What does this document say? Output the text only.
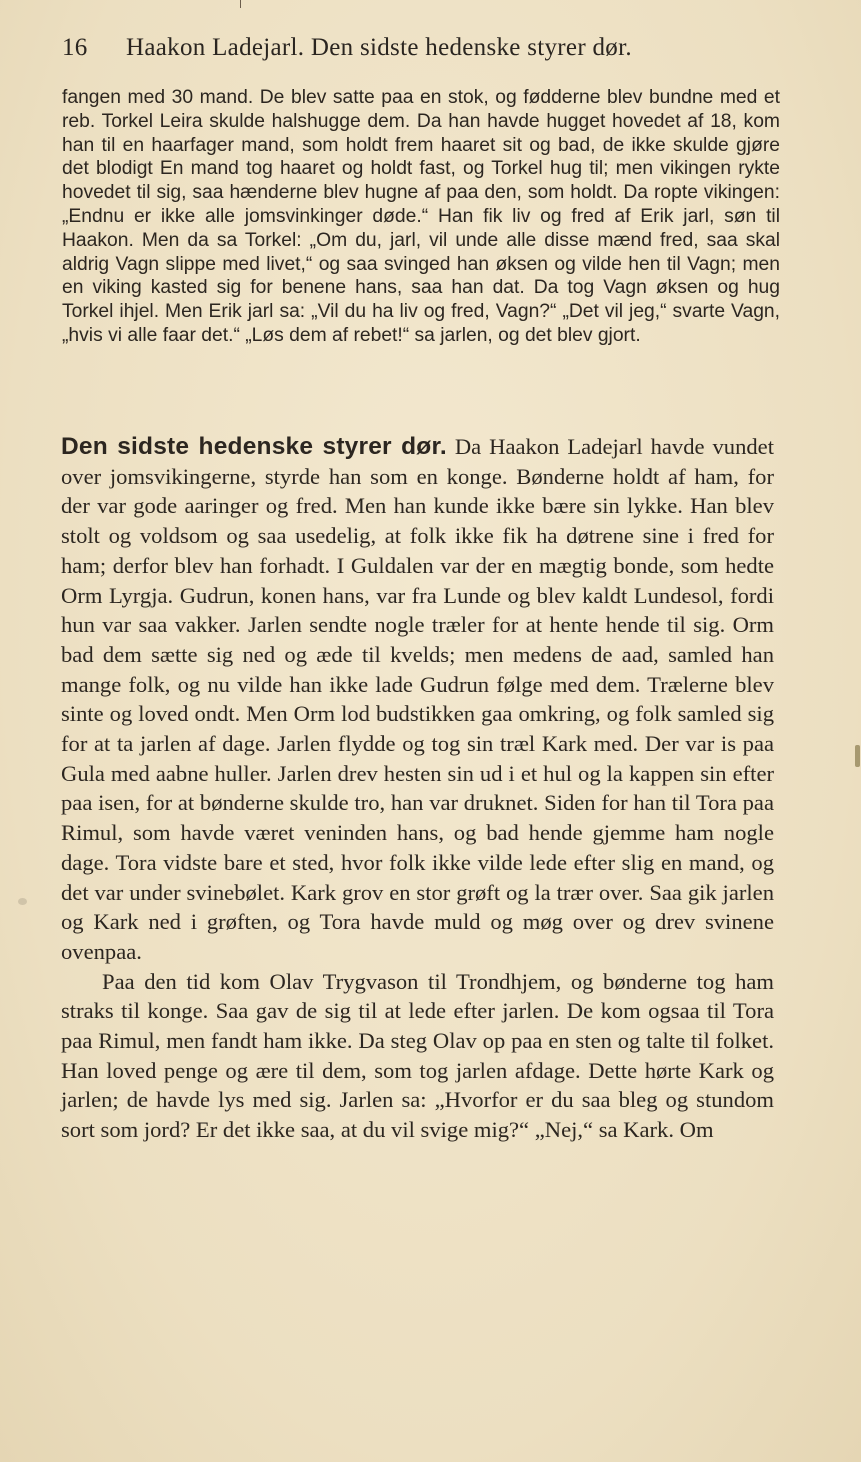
16 Haakon Ladejarl. Den sidste hedenske styrer dør.
fangen med 30 mand. De blev satte paa en stok, og fødderne blev bundne med et reb. Torkel Leira skulde halshugge dem. Da han havde hugget hovedet af 18, kom han til en haarfager mand, som holdt frem haaret sit og bad, de ikke skulde gjøre det blodigt En mand tog haaret og holdt fast, og Torkel hug til; men vikingen rykte hovedet til sig, saa hænderne blev hugne af paa den, som holdt. Da ropte vikingen: „Endnu er ikke alle jomsvinkinger døde.“ Han fik liv og fred af Erik jarl, søn til Haakon. Men da sa Torkel: „Om du, jarl, vil unde alle disse mænd fred, saa skal aldrig Vagn slippe med livet,“ og saa svinged han øksen og vilde hen til Vagn; men en viking kasted sig for benene hans, saa han dat. Da tog Vagn øksen og hug Torkel ihjel. Men Erik jarl sa: „Vil du ha liv og fred, Vagn?“ „Det vil jeg,“ svarte Vagn, „hvis vi alle faar det.“ „Løs dem af rebet!“ sa jarlen, og det blev gjort.

Den sidste hedenske styrer dør. Da Haakon Ladejarl havde vundet over jomsvikingerne, styrde han som en konge. Bønderne holdt af ham, for der var gode aaringer og fred. Men han kunde ikke bære sin lykke. Han blev stolt og voldsom og saa usedelig, at folk ikke fik ha døtrene sine i fred for ham; derfor blev han forhadt. I Guldalen var der en mægtig bonde, som hedte Orm Lyrgja. Gudrun, konen hans, var fra Lunde og blev kaldt Lundesol, fordi hun var saa vakker. Jarlen sendte nogle træler for at hente hende til sig. Orm bad dem sætte sig ned og æde til kvelds; men medens de aad, samled han mange folk, og nu vilde han ikke lade Gudrun følge med dem. Trælerne blev sinte og loved ondt. Men Orm lod budstikken gaa omkring, og folk samled sig for at ta jarlen af dage. Jarlen flydde og tog sin træl Kark med. Der var is paa Gula med aabne huller. Jarlen drev hesten sin ud i et hul og la kappen sin efter paa isen, for at bønderne skulde tro, han var druknet. Siden for han til Tora paa Rimul, som havde været veninden hans, og bad hende gjemme ham nogle dage. Tora vidste bare et sted, hvor folk ikke vilde lede efter slig en mand, og det var under svinebølet. Kark grov en stor grøft og la trær over. Saa gik jarlen og Kark ned i grøften, og Tora havde muld og møg over og drev svinene ovenpaa.

Paa den tid kom Olav Trygvason til Trondhjem, og bønderne tog ham straks til konge. Saa gav de sig til at lede efter jarlen. De kom ogsaa til Tora paa Rimul, men fandt ham ikke. Da steg Olav op paa en sten og talte til folket. Han loved penge og ære til dem, som tog jarlen afdage. Dette hørte Kark og jarlen; de havde lys med sig. Jarlen sa: „Hvorfor er du saa bleg og stundom sort som jord? Er det ikke saa, at du vil svige mig?“ „Nej,“ sa Kark. Om
